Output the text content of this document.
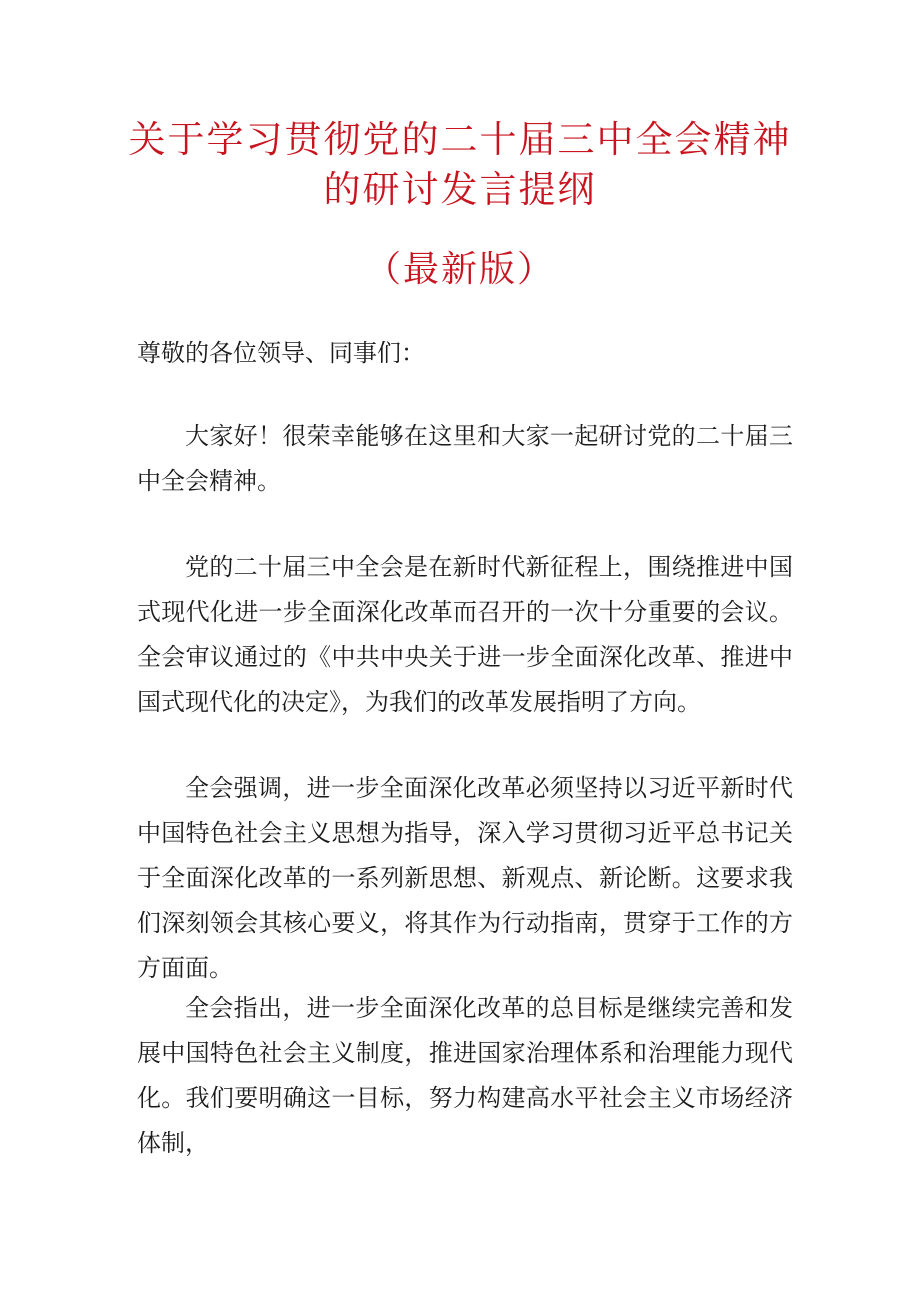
关于学习贯彻党的二十届三中全会精神
的研讨发言提纲
（最新版）
尊敬的各位领导、同事们：

大家好！很荣幸能够在这里和大家一起研讨党的二十届三中全会精神。

党的二十届三中全会是在新时代新征程上，围绕推进中国式现代化进一步全面深化改革而召开的一次十分重要的会议。全会审议通过的《中共中央关于进一步全面深化改革、推进中国式现代化的决定》，为我们的改革发展指明了方向。

全会强调，进一步全面深化改革必须坚持以习近平新时代中国特色社会主义思想为指导，深入学习贯彻习近平总书记关于全面深化改革的一系列新思想、新观点、新论断。这要求我们深刻领会其核心要义，将其作为行动指南，贯穿于工作的方方面面。

全会指出，进一步全面深化改革的总目标是继续完善和发展中国特色社会主义制度，推进国家治理体系和治理能力现代化。我们要明确这一目标，努力构建高水平社会主义市场经济体制，
